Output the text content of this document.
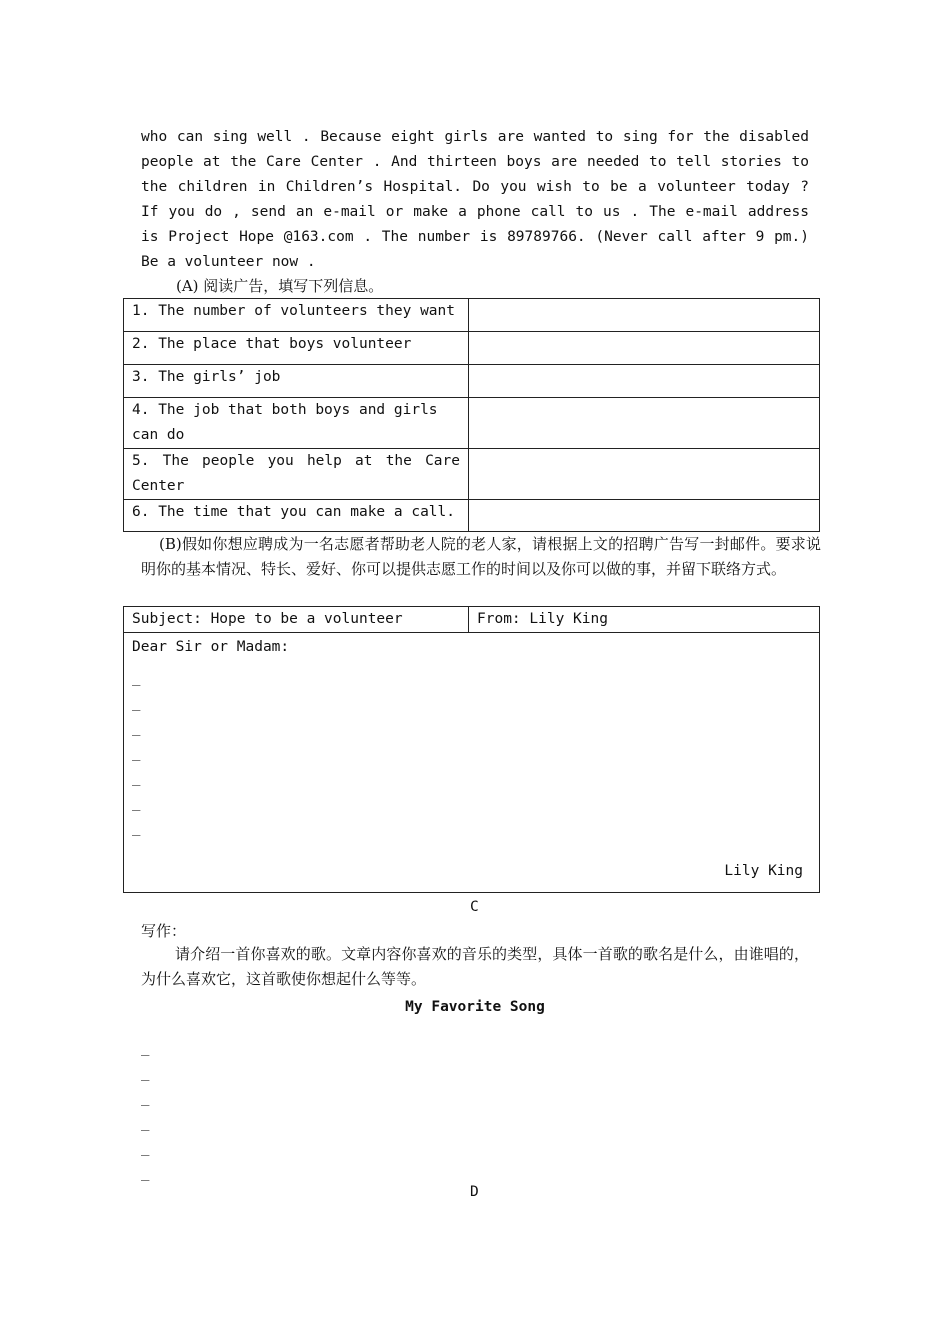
who can sing well . Because eight girls are wanted to sing for the disabled people at the Care Center . And thirteen boys are needed to tell stories to the children in Children’s Hospital. Do you wish to be a volunteer today ? If you do , send an e-mail or make a phone call to us . The e-mail address is Project Hope @163.com . The number is 89789766. (Never call after 9 pm.) Be a volunteer now .
(A) 阅读广告，填写下列信息。
1. The number of volunteers they want	
2. The place that boys volunteer	
3. The girls’ job	
4. The job that both boys and girls can do	
5. The people you help at the Care Center	
6. The time that you can make a call.	
(B)假如你想应聘成为一名志愿者帮助老人院的老人家，请根据上文的招聘广告写一封邮件。要求说明你的基本情况、特长、爱好、你可以提供志愿工作的时间以及你可以做的事，并留下联络方式。
Subject: Hope to be a volunteer	From: Lily King

Dear Sir or Madam:
_
_
_
_
_
_
_
Lily King
C
写作：
请介绍一首你喜欢的歌。文章内容你喜欢的音乐的类型，具体一首歌的歌名是什么，由谁唱的，为什么喜欢它，这首歌使你想起什么等等。
My Favorite Song
_
_
_
_
_
_
D
